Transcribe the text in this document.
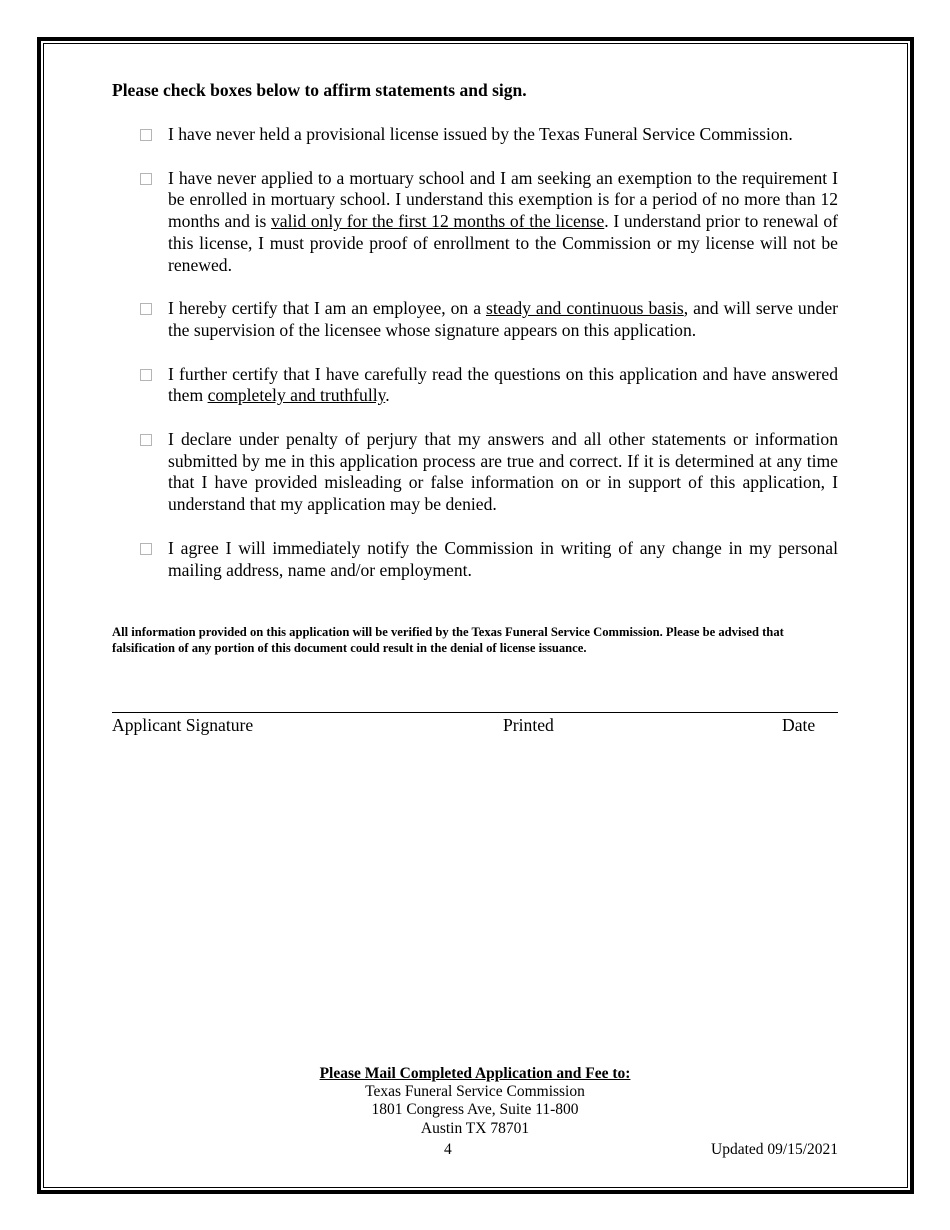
Please check boxes below to affirm statements and sign.
I have never held a provisional license issued by the Texas Funeral Service Commission.
I have never applied to a mortuary school and I am seeking an exemption to the requirement I be enrolled in mortuary school. I understand this exemption is for a period of no more than 12 months and is valid only for the first 12 months of the license. I understand prior to renewal of this license, I must provide proof of enrollment to the Commission or my license will not be renewed.
I hereby certify that I am an employee, on a steady and continuous basis, and will serve under the supervision of the licensee whose signature appears on this application.
I further certify that I have carefully read the questions on this application and have answered them completely and truthfully.
I declare under penalty of perjury that my answers and all other statements or information submitted by me in this application process are true and correct. If it is determined at any time that I have provided misleading or false information on or in support of this application, I understand that my application may be denied.
I agree I will immediately notify the Commission in writing of any change in my personal mailing address, name and/or employment.
All information provided on this application will be verified by the Texas Funeral Service Commission. Please be advised that falsification of any portion of this document could result in the denial of license issuance.
Applicant Signature	Printed	Date
Please Mail Completed Application and Fee to:
Texas Funeral Service Commission
1801 Congress Ave, Suite 11-800
Austin TX 78701
4	Updated 09/15/2021
